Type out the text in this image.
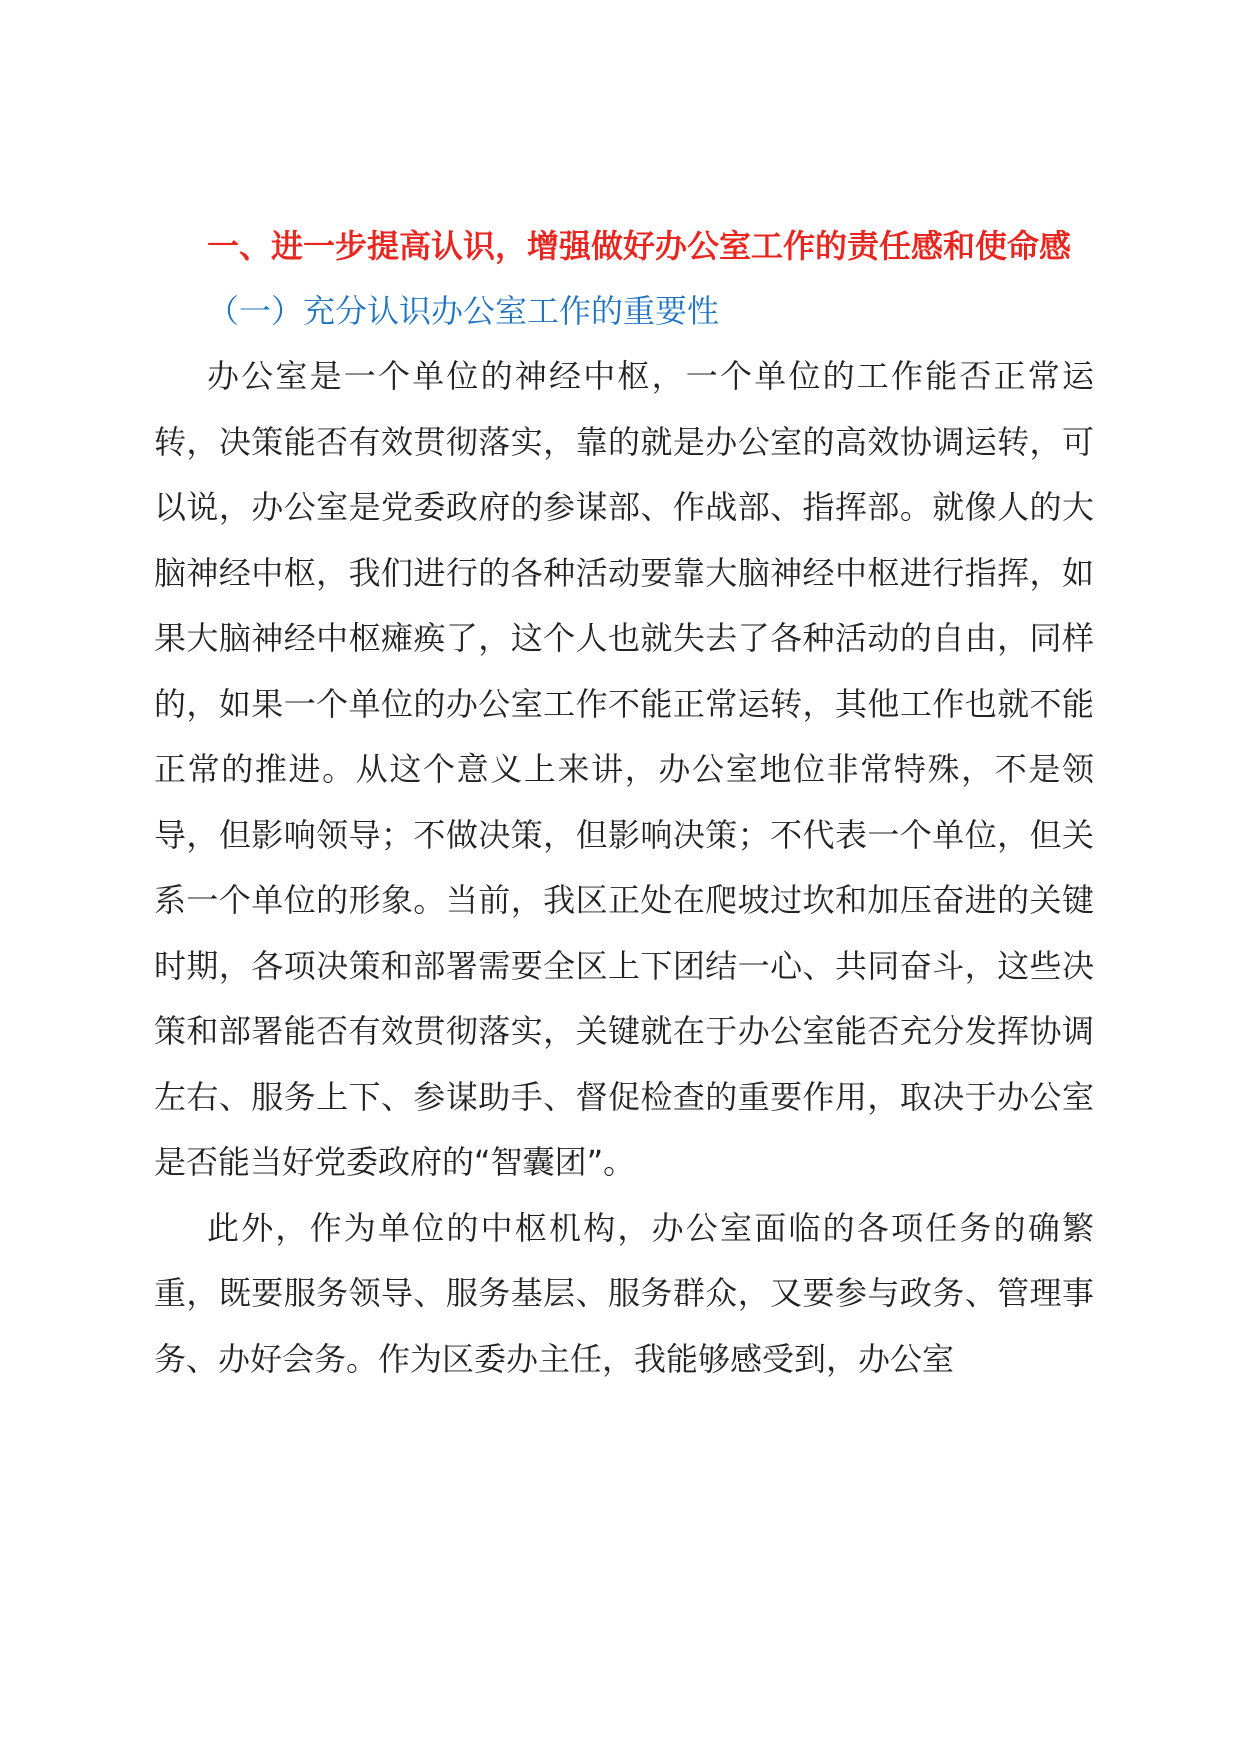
一、进一步提高认识，增强做好办公室工作的责任感和使命感

（一）充分认识办公室工作的重要性

办公室是一个单位的神经中枢，一个单位的工作能否正常运转，决策能否有效贯彻落实，靠的就是办公室的高效协调运转，可以说，办公室是党委政府的参谋部、作战部、指挥部。就像人的大脑神经中枢，我们进行的各种活动要靠大脑神经中枢进行指挥，如果大脑神经中枢瘫痪了，这个人也就失去了各种活动的自由，同样的，如果一个单位的办公室工作不能正常运转，其他工作也就不能正常的推进。从这个意义上来讲，办公室地位非常特殊，不是领导，但影响领导；不做决策，但影响决策；不代表一个单位，但关系一个单位的形象。当前，我区正处在爬坡过坎和加压奋进的关键时期，各项决策和部署需要全区上下团结一心、共同奋斗，这些决策和部署能否有效贯彻落实，关键就在于办公室能否充分发挥协调左右、服务上下、参谋助手、督促检查的重要作用，取决于办公室是否能当好党委政府的“智囊团”。

此外，作为单位的中枢机构，办公室面临的各项任务的确繁重，既要服务领导、服务基层、服务群众，又要参与政务、管理事务、办好会务。作为区委办主任，我能够感受到，办公室
